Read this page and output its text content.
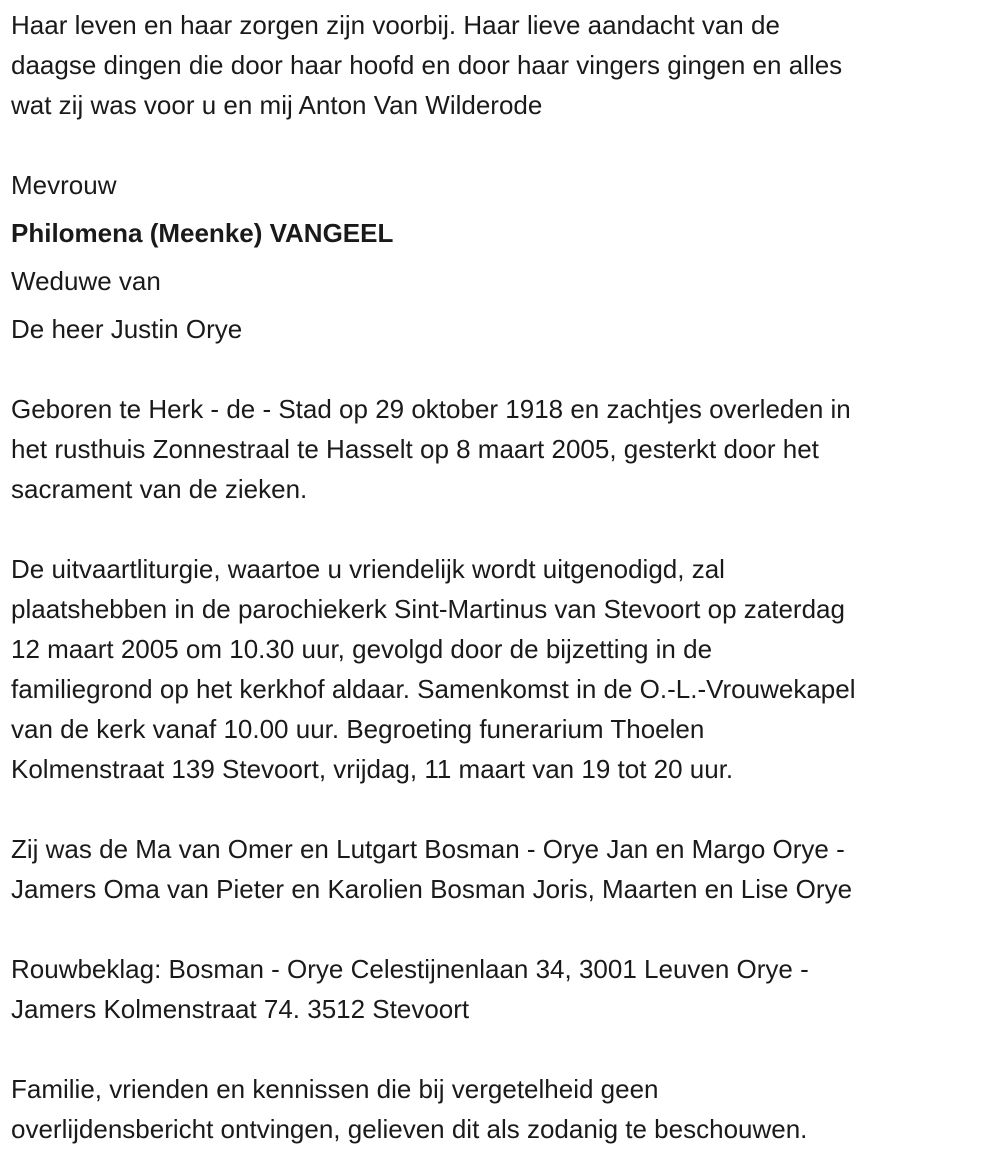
Haar leven en haar zorgen zijn voorbij. Haar lieve aandacht van de
daagse dingen die door haar hoofd en door haar vingers gingen en alles
wat zij was voor u en mij Anton Van Wilderode
Mevrouw
Philomena (Meenke) VANGEEL
Weduwe van
De heer Justin Orye
Geboren te Herk - de - Stad op 29 oktober 1918 en zachtjes overleden in
het rusthuis Zonnestraal te Hasselt op 8 maart 2005, gesterkt door het
sacrament van de zieken.
De uitvaartliturgie, waartoe u vriendelijk wordt uitgenodigd, zal
plaatshebben in de parochiekerk Sint-Martinus van Stevoort op zaterdag
12 maart 2005 om 10.30 uur, gevolgd door de bijzetting in de
familiegrond op het kerkhof aldaar. Samenkomst in de O.-L.-Vrouwekapel
van de kerk vanaf 10.00 uur. Begroeting funerarium Thoelen
Kolmenstraat 139 Stevoort, vrijdag, 11 maart van 19 tot 20 uur.
Zij was de Ma van Omer en Lutgart Bosman - Orye Jan en Margo Orye -
Jamers Oma van Pieter en Karolien Bosman Joris, Maarten en Lise Orye
Rouwbeklag: Bosman - Orye Celestijnenlaan 34, 3001 Leuven Orye -
Jamers Kolmenstraat 74. 3512 Stevoort
Familie, vrienden en kennissen die bij vergetelheid geen
overlijdensbericht ontvingen, gelieven dit als zodanig te beschouwen.
